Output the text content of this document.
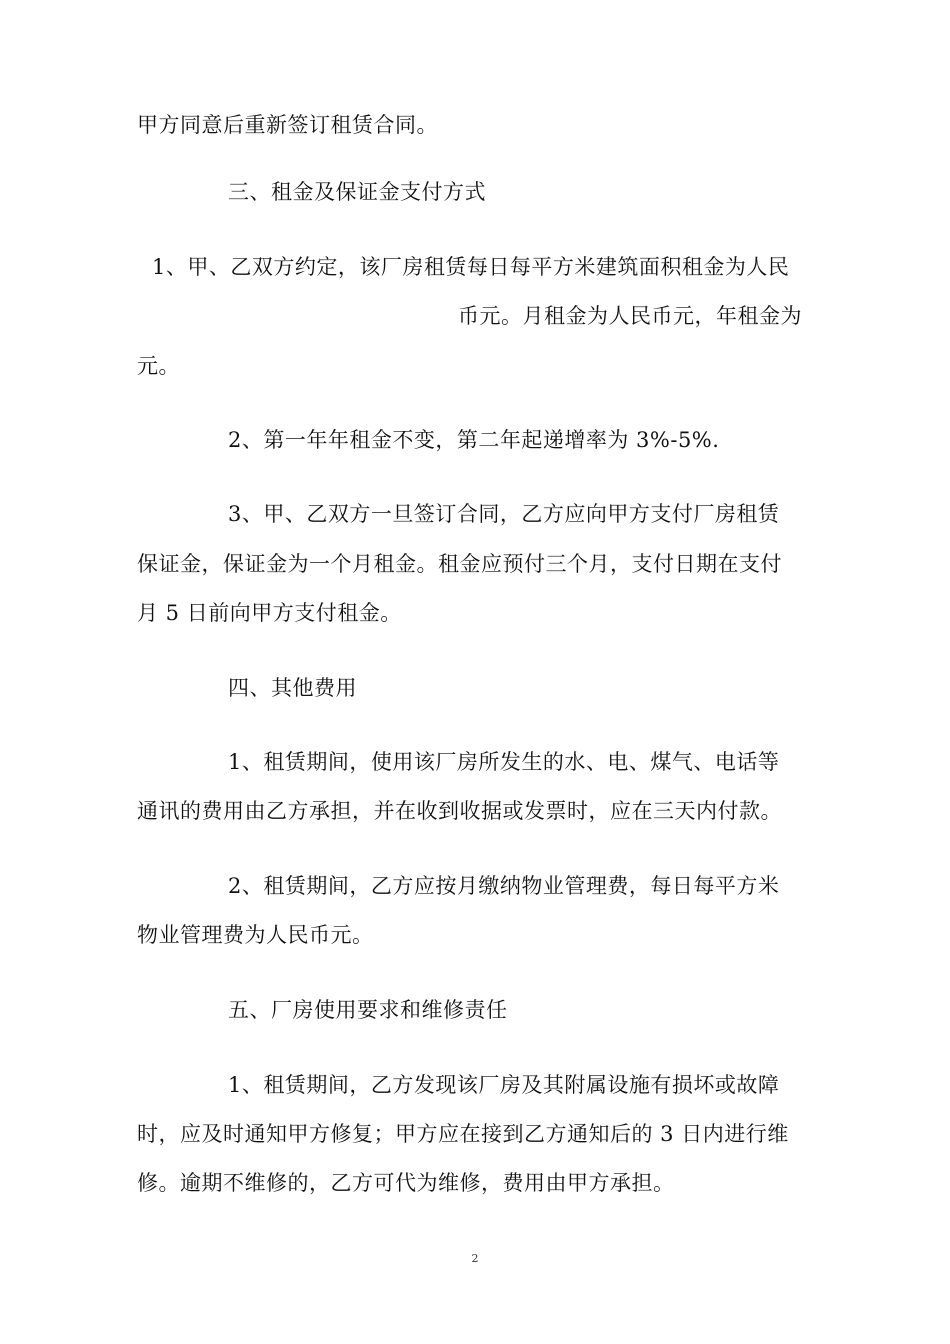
甲方同意后重新签订租赁合同。
三、租金及保证金支付方式
1、甲、乙双方约定，该厂房租赁每日每平方米建筑面积租金为人民
币元。月租金为人民币元，年租金为
元。
2、第一年年租金不变，第二年起递增率为 3%-5%.
3、甲、乙双方一旦签订合同，乙方应向甲方支付厂房租赁
保证金，保证金为一个月租金。租金应预付三个月，支付日期在支付
月 5 日前向甲方支付租金。
四、其他费用
1、租赁期间，使用该厂房所发生的水、电、煤气、电话等
通讯的费用由乙方承担，并在收到收据或发票时，应在三天内付款。
2、租赁期间，乙方应按月缴纳物业管理费，每日每平方米
物业管理费为人民币元。
五、厂房使用要求和维修责任
1、租赁期间，乙方发现该厂房及其附属设施有损坏或故障
时，应及时通知甲方修复；甲方应在接到乙方通知后的 3 日内进行维
修。逾期不维修的，乙方可代为维修，费用由甲方承担。
2
